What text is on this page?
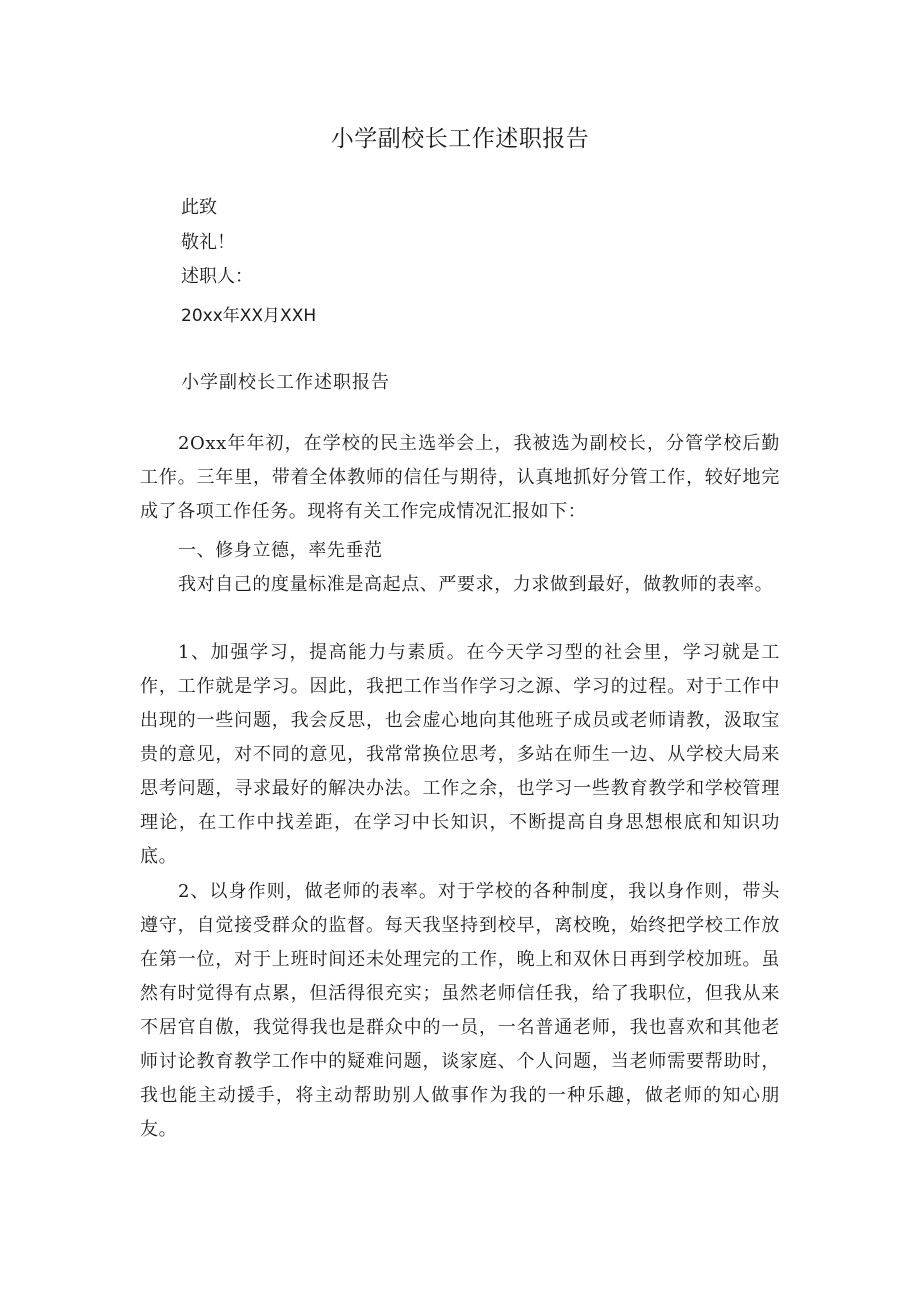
小学副校长工作述职报告
此致
敬礼！
述职人：
20xx年XX月XXH
小学副校长工作述职报告

2Oxx年年初，在学校的民主选举会上，我被选为副校长，分管学校后勤工作。三年里，带着全体教师的信任与期待，认真地抓好分管工作，较好地完成了各项工作任务。现将有关工作完成情况汇报如下：

一、修身立德，率先垂范

我对自己的度量标准是高起点、严要求，力求做到最好，做教师的表率。

1、加强学习，提高能力与素质。在今天学习型的社会里，学习就是工作，工作就是学习。因此，我把工作当作学习之源、学习的过程。对于工作中出现的一些问题，我会反思，也会虚心地向其他班子成员或老师请教，汲取宝贵的意见，对不同的意见，我常常换位思考，多站在师生一边、从学校大局来思考问题，寻求最好的解决办法。工作之余，也学习一些教育教学和学校管理理论，在工作中找差距，在学习中长知识，不断提高自身思想根底和知识功底。

2、以身作则，做老师的表率。对于学校的各种制度，我以身作则，带头遵守，自觉接受群众的监督。每天我坚持到校早，离校晚，始终把学校工作放在第一位，对于上班时间还未处理完的工作，晚上和双休日再到学校加班。虽然有时觉得有点累，但活得很充实；虽然老师信任我，给了我职位，但我从来不居官自傲，我觉得我也是群众中的一员，一名普通老师，我也喜欢和其他老师讨论教育教学工作中的疑难问题，谈家庭、个人问题，当老师需要帮助时，我也能主动援手，将主动帮助别人做事作为我的一种乐趣，做老师的知心朋友。
